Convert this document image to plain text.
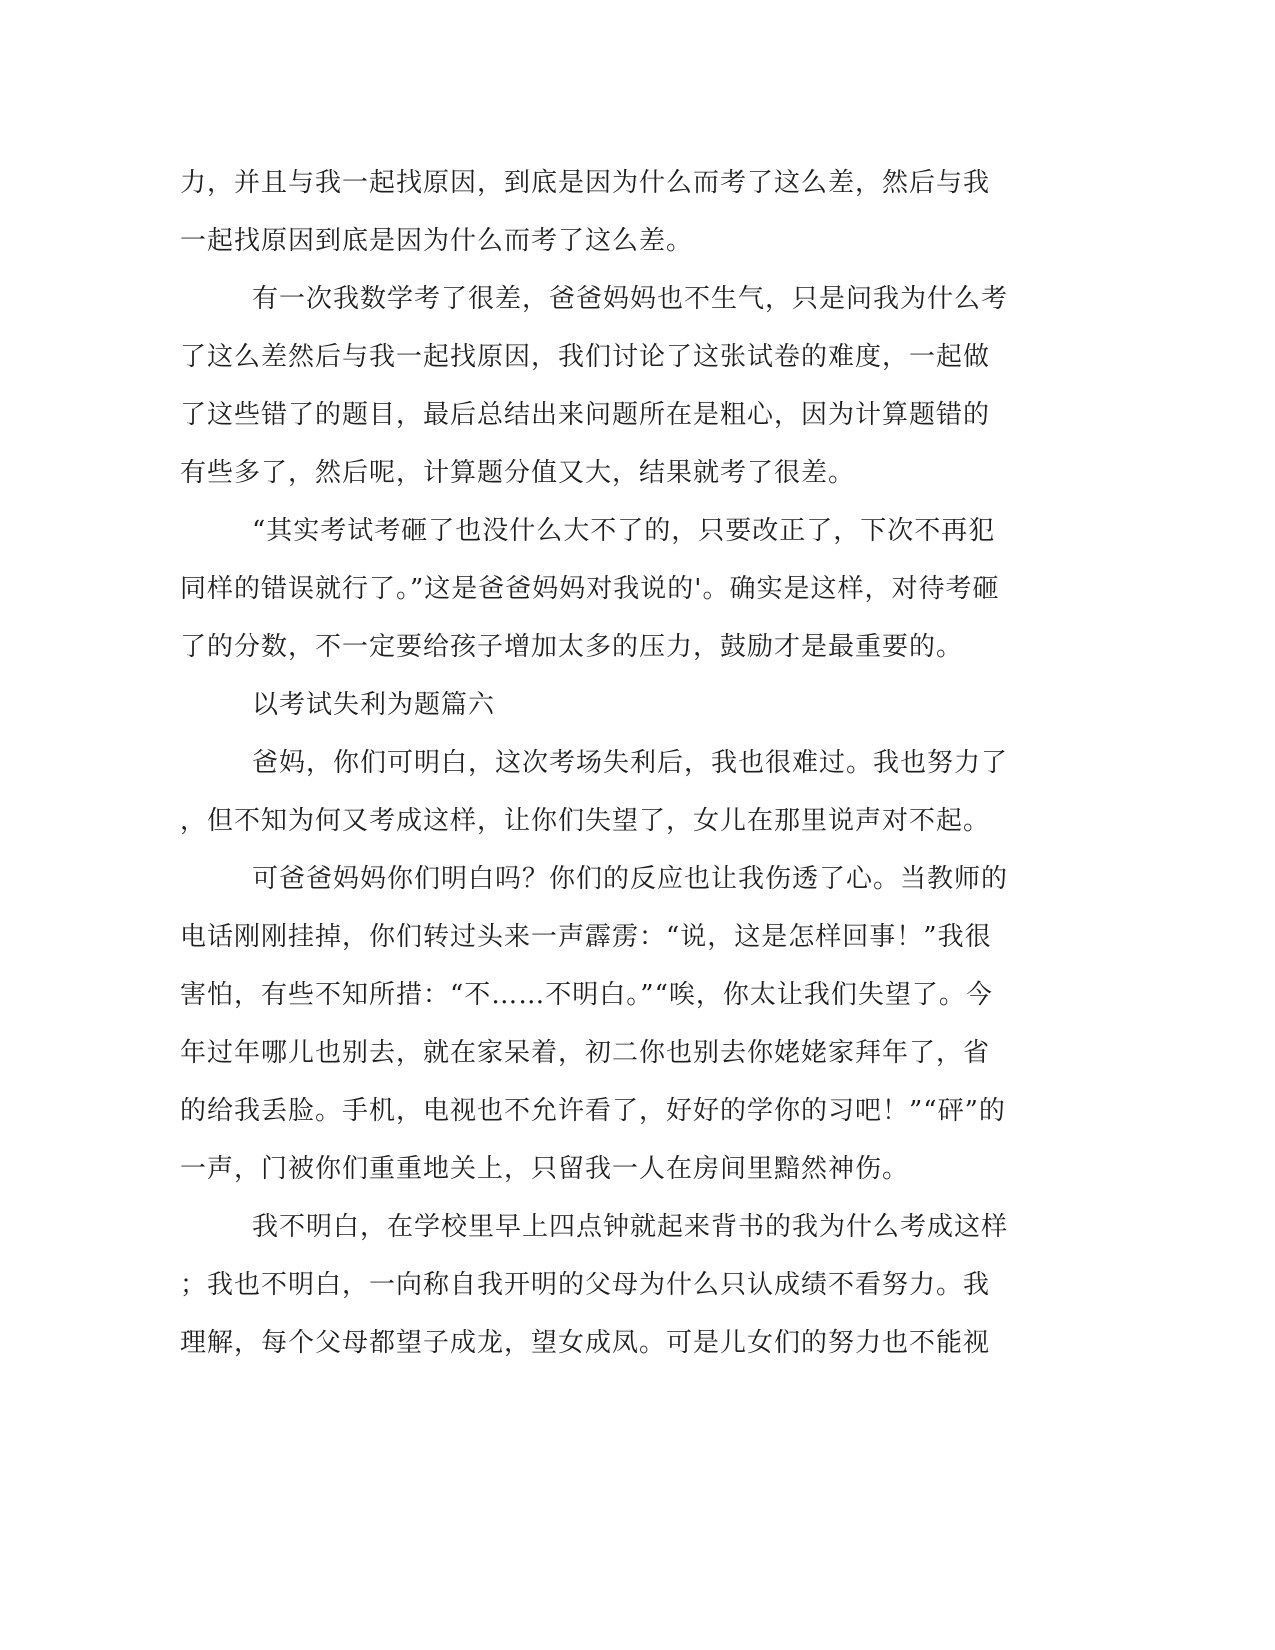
力，并且与我一起找原因，到底是因为什么而考了这么差，然后与我
一起找原因到底是因为什么而考了这么差。
有一次我数学考了很差，爸爸妈妈也不生气，只是问我为什么考
了这么差然后与我一起找原因，我们讨论了这张试卷的难度，一起做
了这些错了的题目，最后总结出来问题所在是粗心，因为计算题错的
有些多了，然后呢，计算题分值又大，结果就考了很差。
“其实考试考砸了也没什么大不了的，只要改正了，下次不再犯
同样的错误就行了。”这是爸爸妈妈对我说的'。确实是这样，对待考砸
了的分数，不一定要给孩子增加太多的压力，鼓励才是最重要的。
以考试失利为题篇六
爸妈，你们可明白，这次考场失利后，我也很难过。我也努力了
，但不知为何又考成这样，让你们失望了，女儿在那里说声对不起。
可爸爸妈妈你们明白吗？你们的反应也让我伤透了心。当教师的
电话刚刚挂掉，你们转过头来一声霹雳：“说，这是怎样回事！”我很
害怕，有些不知所措：“不……不明白。”“唉，你太让我们失望了。今
年过年哪儿也别去，就在家呆着，初二你也别去你姥姥家拜年了，省
的给我丢脸。手机，电视也不允许看了，好好的学你的习吧！”“砰”的
一声，门被你们重重地关上，只留我一人在房间里黯然神伤。
我不明白，在学校里早上四点钟就起来背书的我为什么考成这样
；我也不明白，一向称自我开明的父母为什么只认成绩不看努力。我
理解，每个父母都望子成龙，望女成凤。可是儿女们的努力也不能视
